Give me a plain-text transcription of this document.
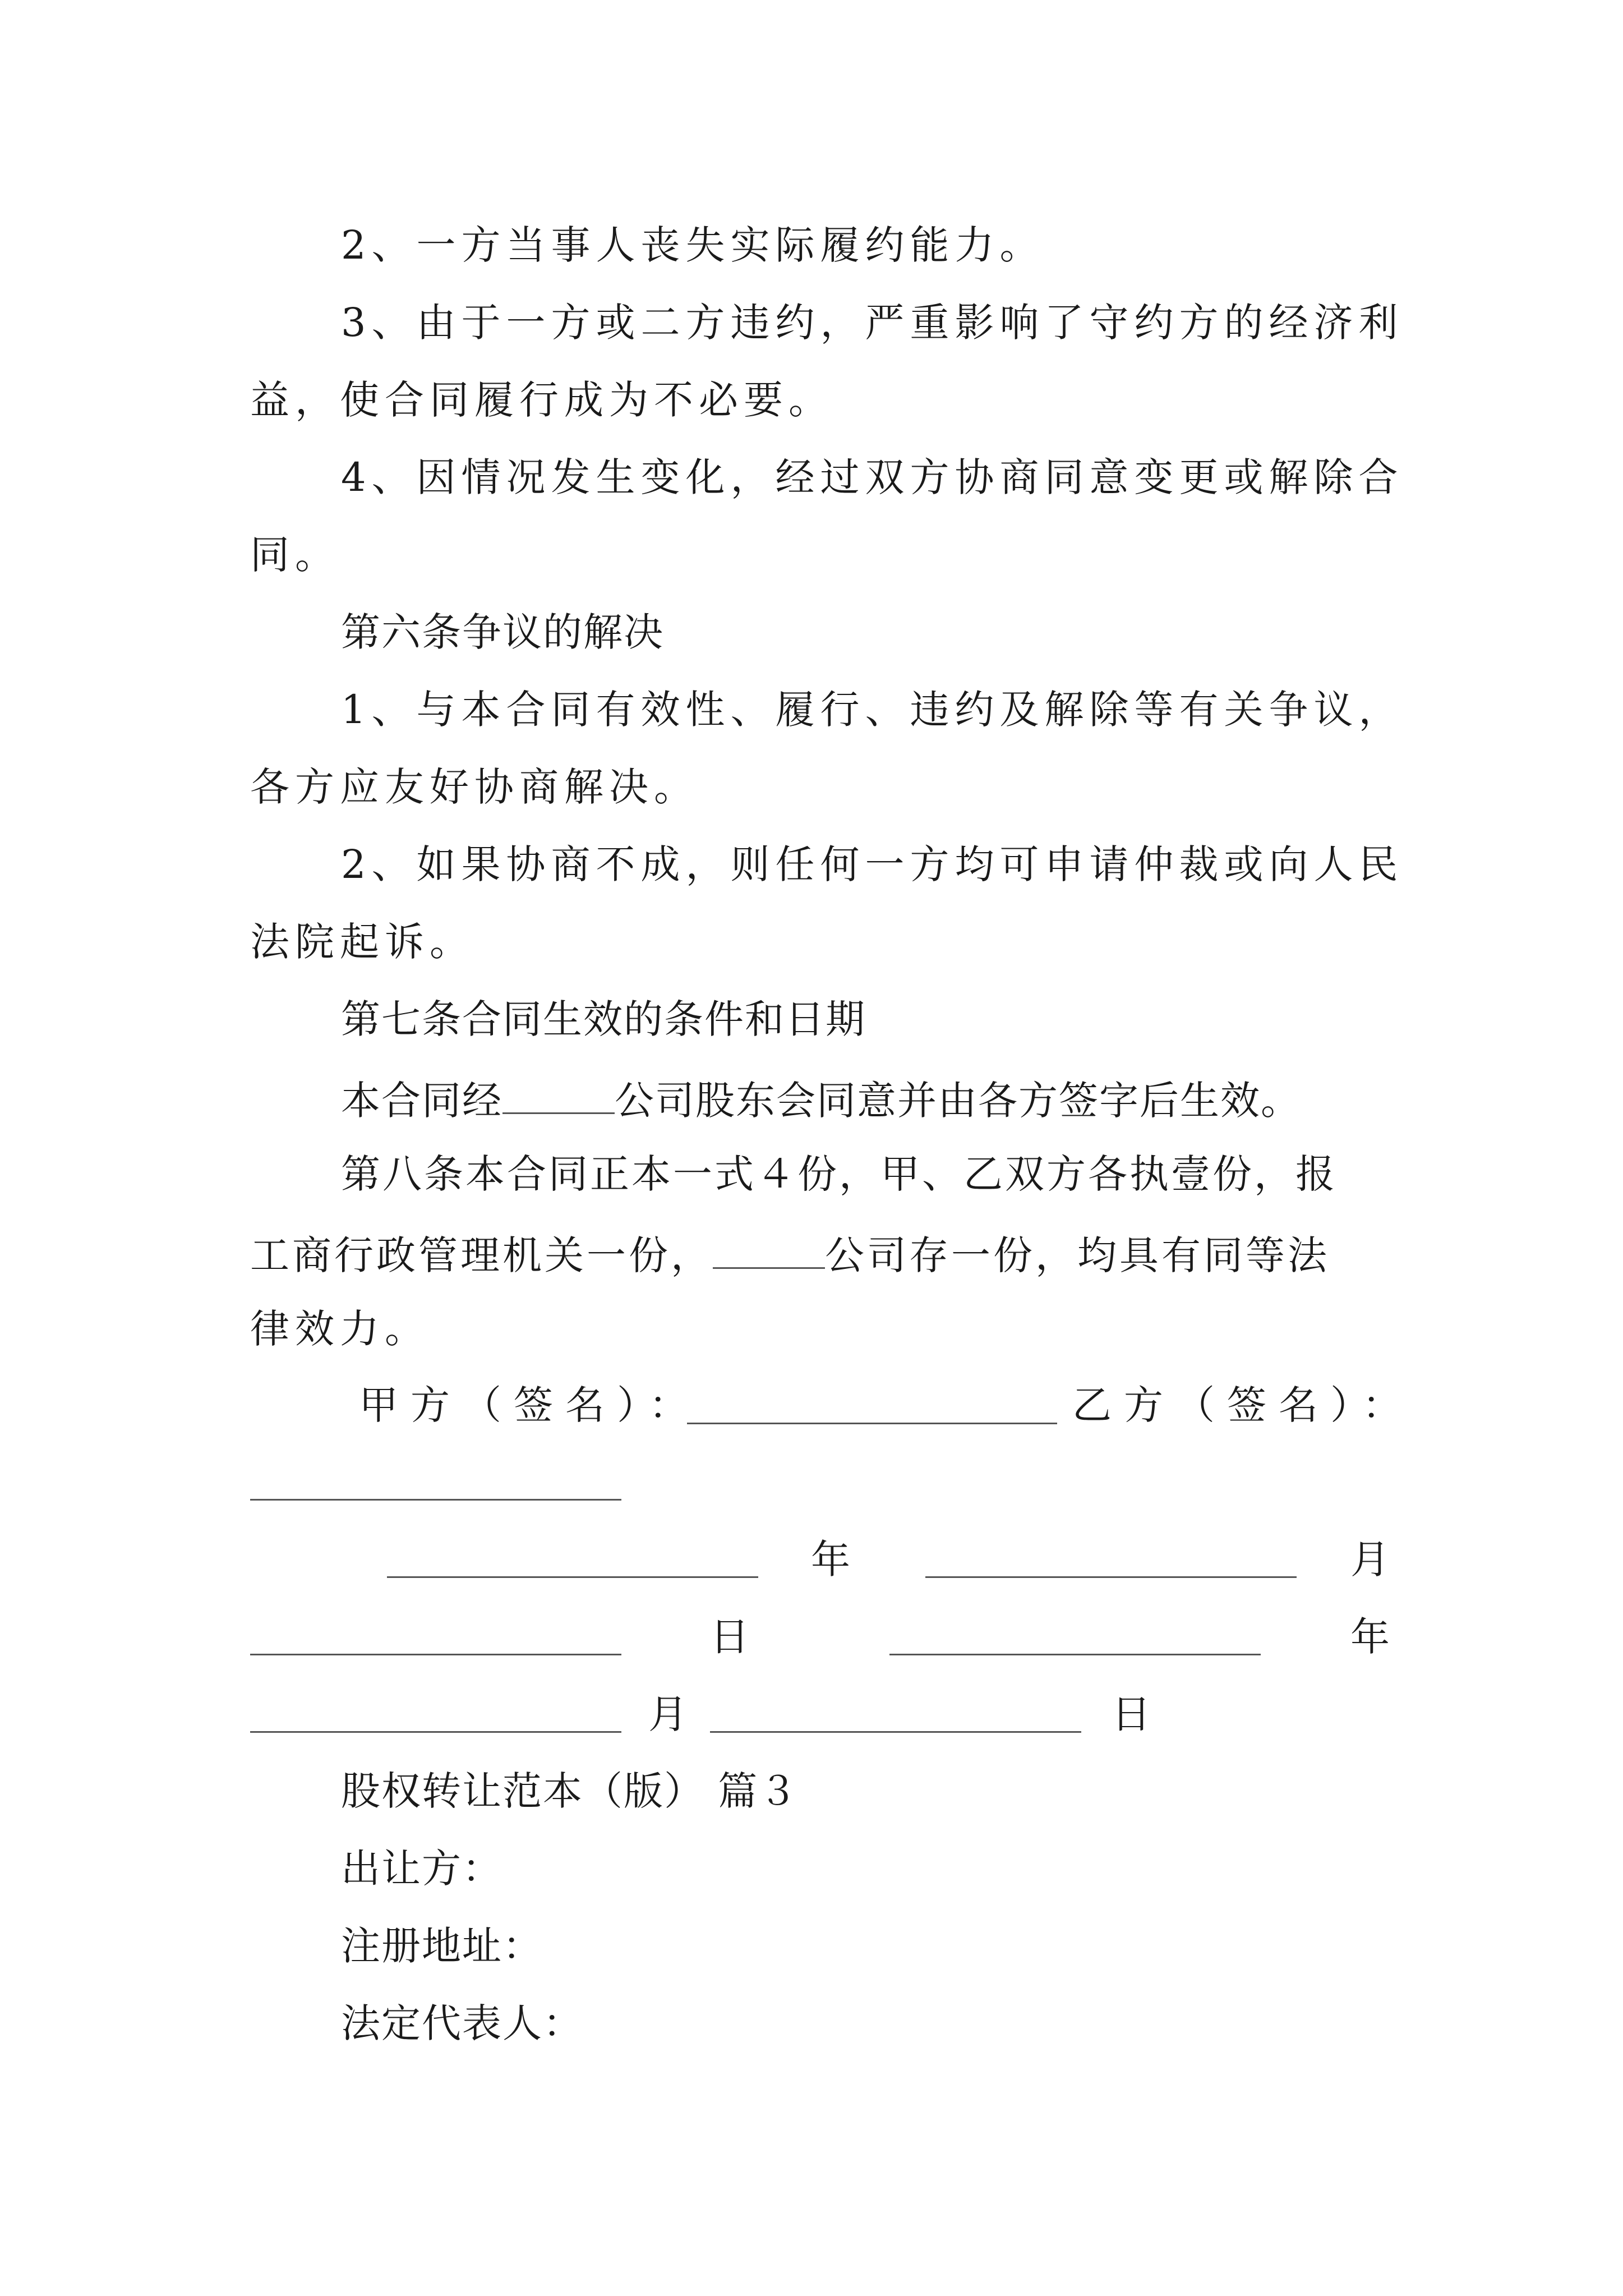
2、一方当事人丧失实际履约能力。
3、由于一方或二方违约，严重影响了守约方的经济利
益，使合同履行成为不必要。
4、因情况发生变化，经过双方协商同意变更或解除合
同。
第六条争议的解决
1、与本合同有效性、履行、违约及解除等有关争议，
各方应友好协商解决。
2、如果协商不成，则任何一方均可申请仲裁或向人民
法院起诉。
第七条合同生效的条件和日期
本合同经	公司股东会同意并由各方签字后生效。
第八条本合同正本一式４份，甲、乙双方各执壹份，报
工商行政管理机关一份，	公司存一份，均具有同等法
律效力。
甲方（签名）：	乙方（签名）：
年	月
日	年
月	日
股权转让范本（版） 篇３
出让方：
注册地址：
法定代表人：
